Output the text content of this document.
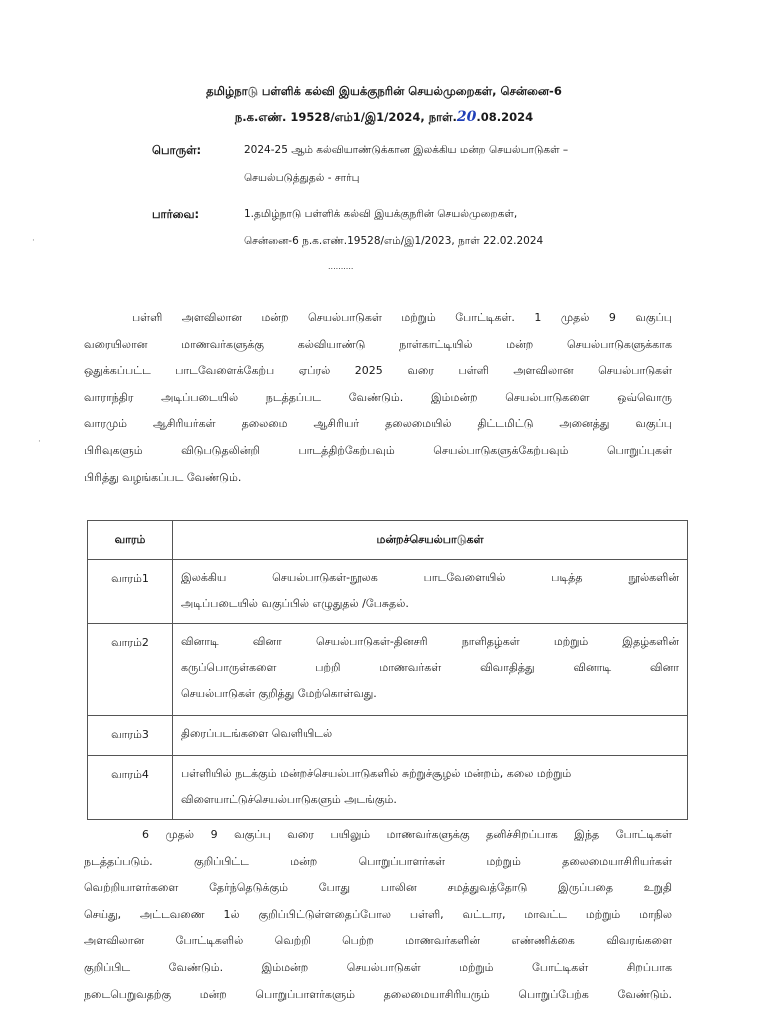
தமிழ்நாடு பள்ளிக் கல்வி இயக்குநரின் செயல்முறைகள், சென்னை-6
ந.க.எண். 19528/எம்1/இ1/2024, நாள்.20.08.2024
பொருள்:	2024-25 ஆம் கல்வியாண்டுக்கான இலக்கிய மன்ற செயல்பாடுகள் –
செயல்படுத்துதல் - சார்பு
பார்வை:	1.தமிழ்நாடு பள்ளிக் கல்வி இயக்குநரின் செயல்முறைகள்,
சென்னை-6 ந.க.எண்.19528/எம்/இ1/2023, நாள் 22.02.2024
..........
பள்ளி அளவிலான மன்ற செயல்பாடுகள் மற்றும் போட்டிகள். 1 முதல் 9 வகுப்பு
வரையிலான மாணவர்களுக்கு கல்வியாண்டு நாள்காட்டியில் மன்ற செயல்பாடுகளுக்காக
ஒதுக்கப்பட்ட பாடவேளைக்கேற்ப ஏப்ரல் 2025 வரை பள்ளி அளவிலான செயல்பாடுகள்
வாராந்திர அடிப்படையில் நடத்தப்பட வேண்டும். இம்மன்ற செயல்பாடுகளை ஒவ்வொரு
வாரமும் ஆசிரியர்கள் தலைமை ஆசிரியர் தலைமையில் திட்டமிட்டு அனைத்து வகுப்பு
பிரிவுகளும் விடுபடுதலின்றி பாடத்திற்கேற்பவும் செயல்பாடுகளுக்கேற்பவும் பொறுப்புகள்
பிரித்து வழங்கப்பட வேண்டும்.
வாரம்	மன்றச்செயல்பாடுகள்
வாரம்1	இலக்கிய செயல்பாடுகள்-நூலக பாடவேளையில் படித்த நூல்களின்
அடிப்படையில் வகுப்பில் எழுதுதல் /பேசுதல்.

வாரம்2	வினாடி வினா செயல்பாடுகள்-தினசரி நாளிதழ்கள் மற்றும் இதழ்களின்
கருப்பொருள்களை பற்றி மாணவர்கள் விவாதித்து வினாடி வினா
செயல்பாடுகள் குறித்து மேற்கொள்வது.

வாரம்3	திரைப்படங்களை வெளியிடல்

வாரம்4	பள்ளியில் நடக்கும் மன்றச்செயல்பாடுகளில் சுற்றுச்சூழல் மன்றம், கலை மற்றும்
விளையாட்டுச்செயல்பாடுகளும் அடங்கும்.
6 முதல் 9 வகுப்பு வரை பயிலும் மாணவர்களுக்கு தனிச்சிறப்பாக இந்த போட்டிகள்
நடத்தப்படும். குறிப்பிட்ட மன்ற பொறுப்பாளர்கள் மற்றும் தலைமையாசிரியர்கள்
வெற்றியாளர்களை தேர்ந்தெடுக்கும் போது பாலின சமத்துவத்தோடு இருப்பதை உறுதி
செய்து, அட்டவணை 1ல் குறிப்பிட்டுள்ளதைப்போல பள்ளி, வட்டார, மாவட்ட மற்றும் மாநில
அளவிலான போட்டிகளில் வெற்றி பெற்ற மாணவர்களின் எண்ணிக்கை விவரங்களை
குறிப்பிட வேண்டும். இம்மன்ற செயல்பாடுகள் மற்றும் போட்டிகள் சிறப்பாக
நடைபெறுவதற்கு மன்ற பொறுப்பாளர்களும் தலைமையாசிரியரும் பொறுப்பேற்க வேண்டும்.
·
·
